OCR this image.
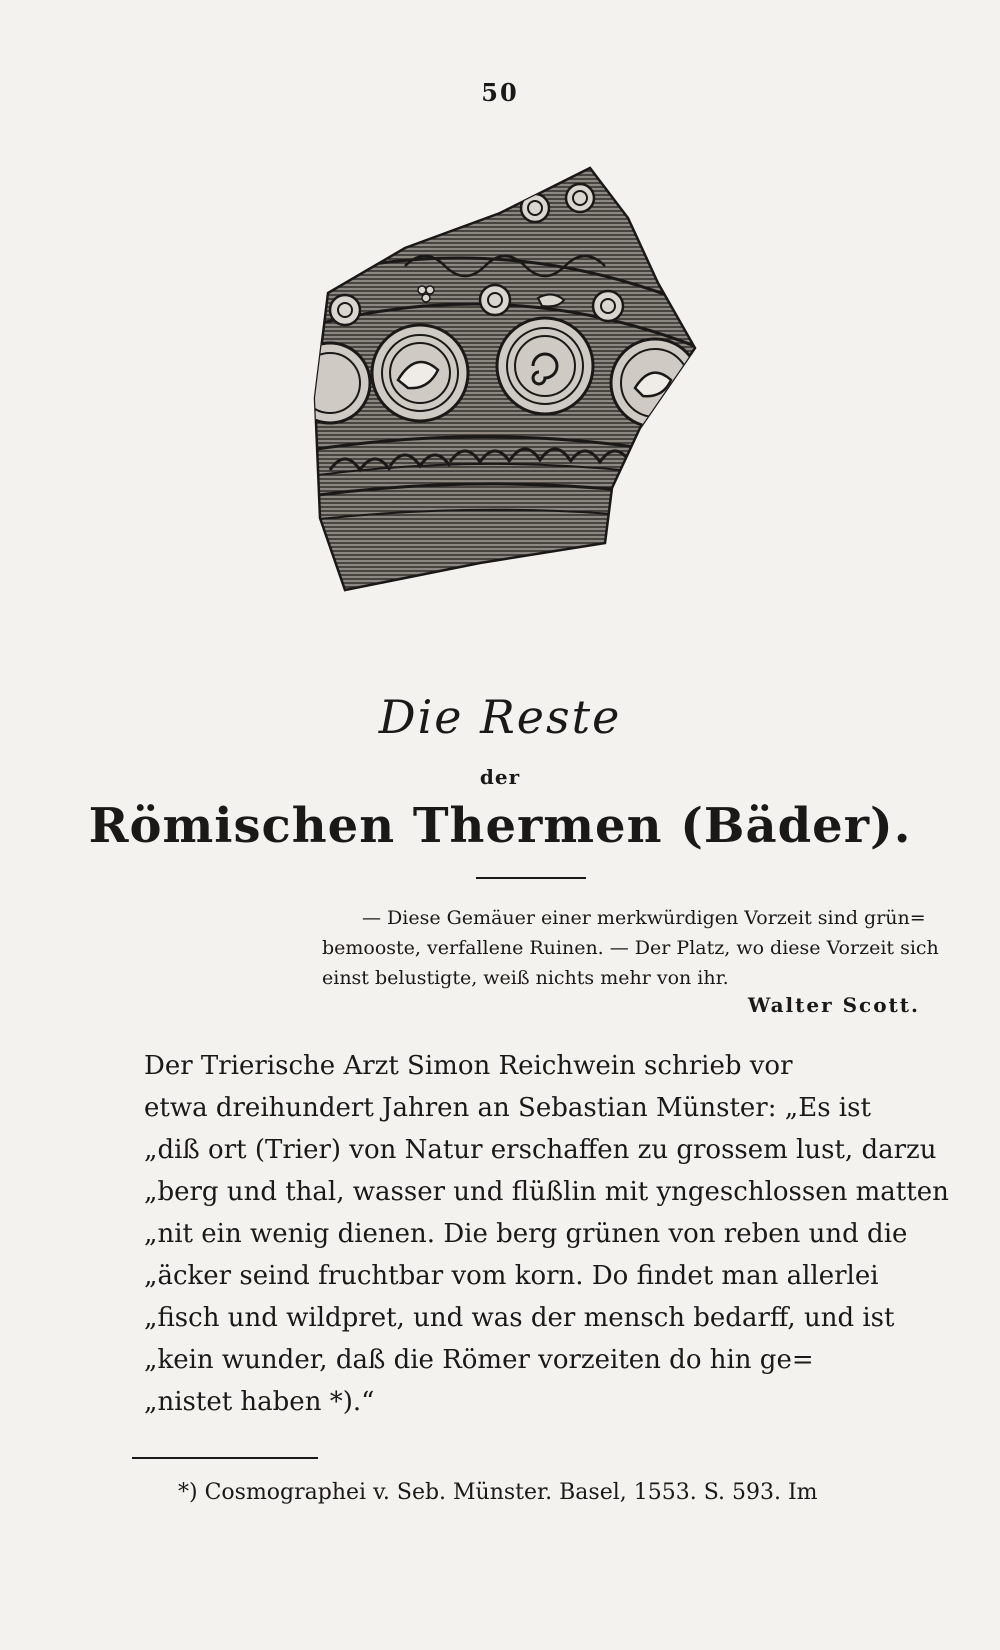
50
Die Reste
der
Römischen Thermen (Bäder).
— Diese Gemäuer einer merkwürdigen Vorzeit sind grün=
bemooste, verfallene Ruinen. — Der Platz, wo diese Vorzeit sich
einst belustigte, weiß nichts mehr von ihr.
Walter Scott.
Der Trierische Arzt Simon Reichwein schrieb vor
etwa dreihundert Jahren an Sebastian Münster: „Es ist
„diß ort (Trier) von Natur erschaffen zu grossem lust, darzu
„berg und thal, wasser und flüßlin mit yngeschlossen matten
„nit ein wenig dienen. Die berg grünen von reben und die
„äcker seind fruchtbar vom korn. Do findet man allerlei
„fisch und wildpret, und was der mensch bedarff, und ist
„kein wunder, daß die Römer vorzeiten do hin ge=
„nistet haben *).“
*) Cosmographei v. Seb. Münster. Basel, 1553. S. 593. Im
